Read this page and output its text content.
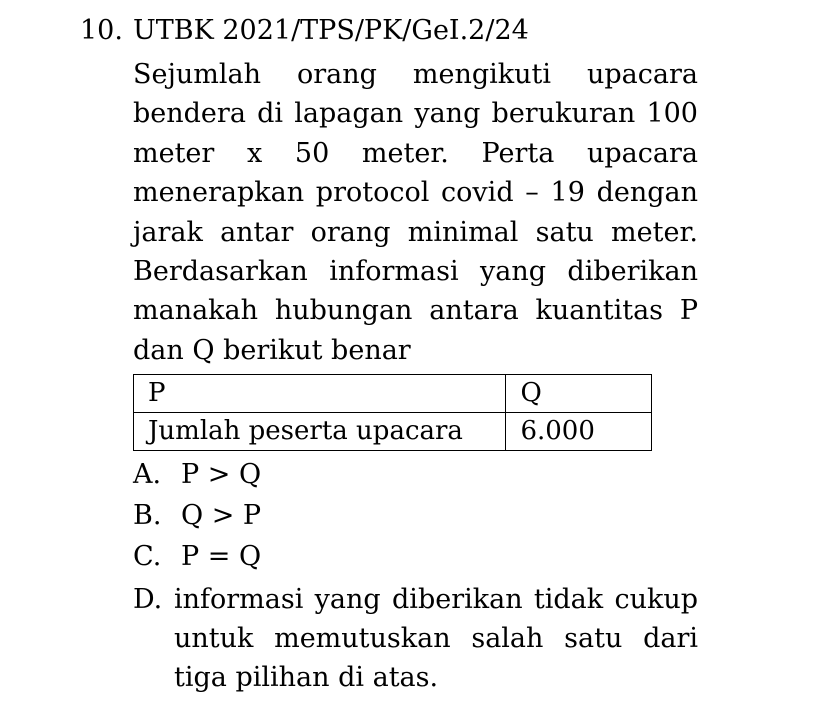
10. UTBK 2021/TPS/PK/GeI.2/24

Sejumlah orang mengikuti upacara bendera di lapagan yang berukuran 100 meter x 50 meter. Perta upacara menerapkan protocol covid – 19 dengan jarak antar orang minimal satu meter. Berdasarkan informasi yang diberikan manakah hubungan antara kuantitas P dan Q berikut benar

P	Q
Jumlah peserta upacara	6.000
A. P > Q
B. Q > P
C. P = Q
D. informasi yang diberikan tidak cukup untuk memutuskan salah satu dari tiga pilihan di atas.
